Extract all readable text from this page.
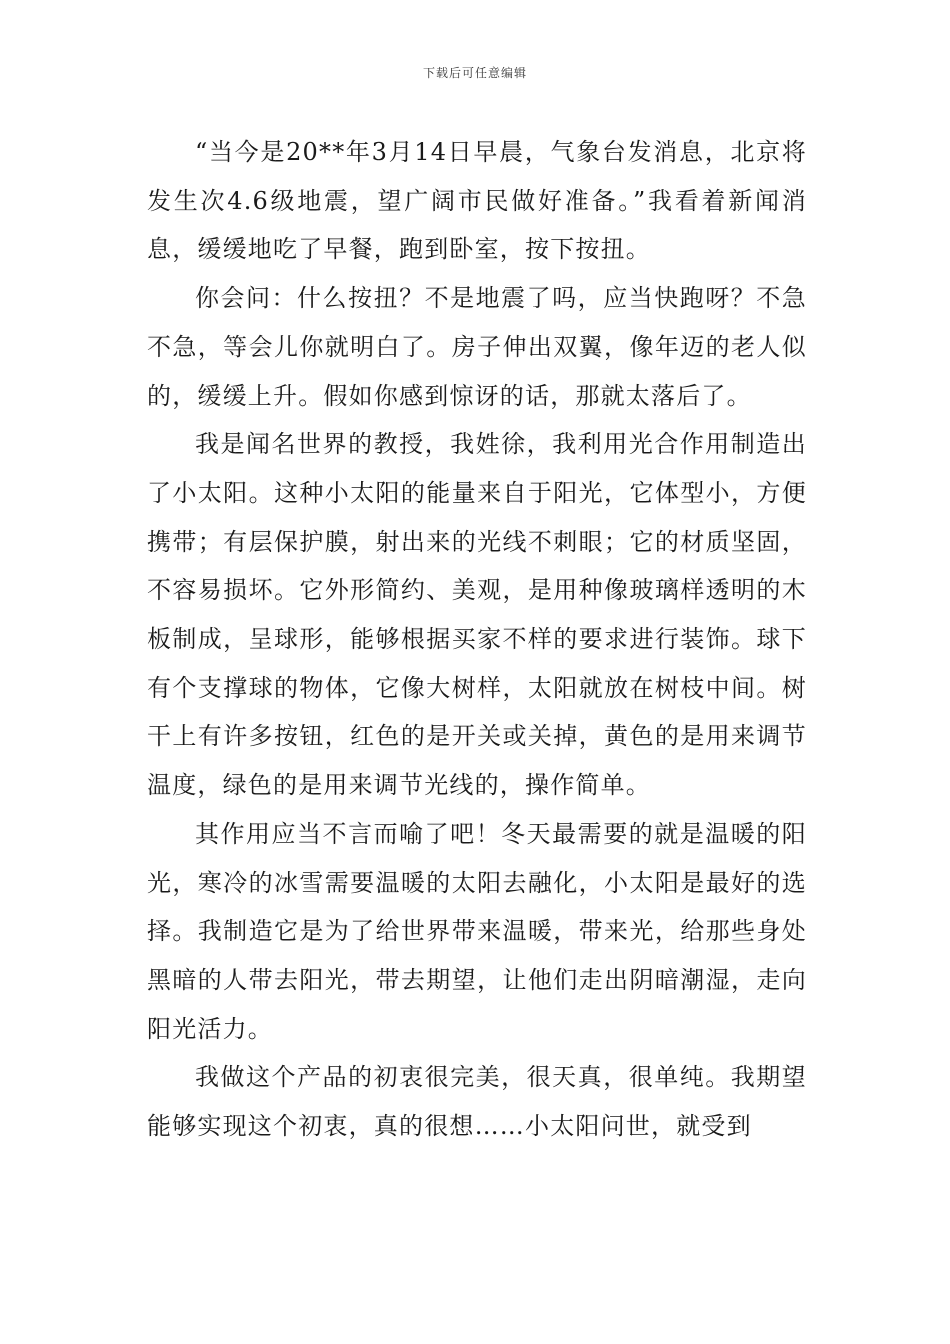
下载后可任意编辑

“当今是20**年3月14日早晨，气象台发消息，北京将发生次4.6级地震，望广阔市民做好准备。”我看着新闻消息，缓缓地吃了早餐，跑到卧室，按下按扭。

你会问：什么按扭？不是地震了吗，应当快跑呀？不急不急，等会儿你就明白了。房子伸出双翼，像年迈的老人似的，缓缓上升。假如你感到惊讶的话，那就太落后了。

我是闻名世界的教授，我姓徐，我利用光合作用制造出了小太阳。这种小太阳的能量来自于阳光，它体型小，方便携带；有层保护膜，射出来的光线不刺眼；它的材质坚固，不容易损坏。它外形简约、美观，是用种像玻璃样透明的木板制成，呈球形，能够根据买家不样的要求进行装饰。球下有个支撑球的物体，它像大树样，太阳就放在树枝中间。树干上有许多按钮，红色的是开关或关掉，黄色的是用来调节温度，绿色的是用来调节光线的，操作简单。

其作用应当不言而喻了吧！冬天最需要的就是温暖的阳光，寒冷的冰雪需要温暖的太阳去融化，小太阳是最好的选择。我制造它是为了给世界带来温暖，带来光，给那些身处黑暗的人带去阳光，带去期望，让他们走出阴暗潮湿，走向阳光活力。

我做这个产品的初衷很完美，很天真，很单纯。我期望能够实现这个初衷，真的很想……小太阳问世，就受到
